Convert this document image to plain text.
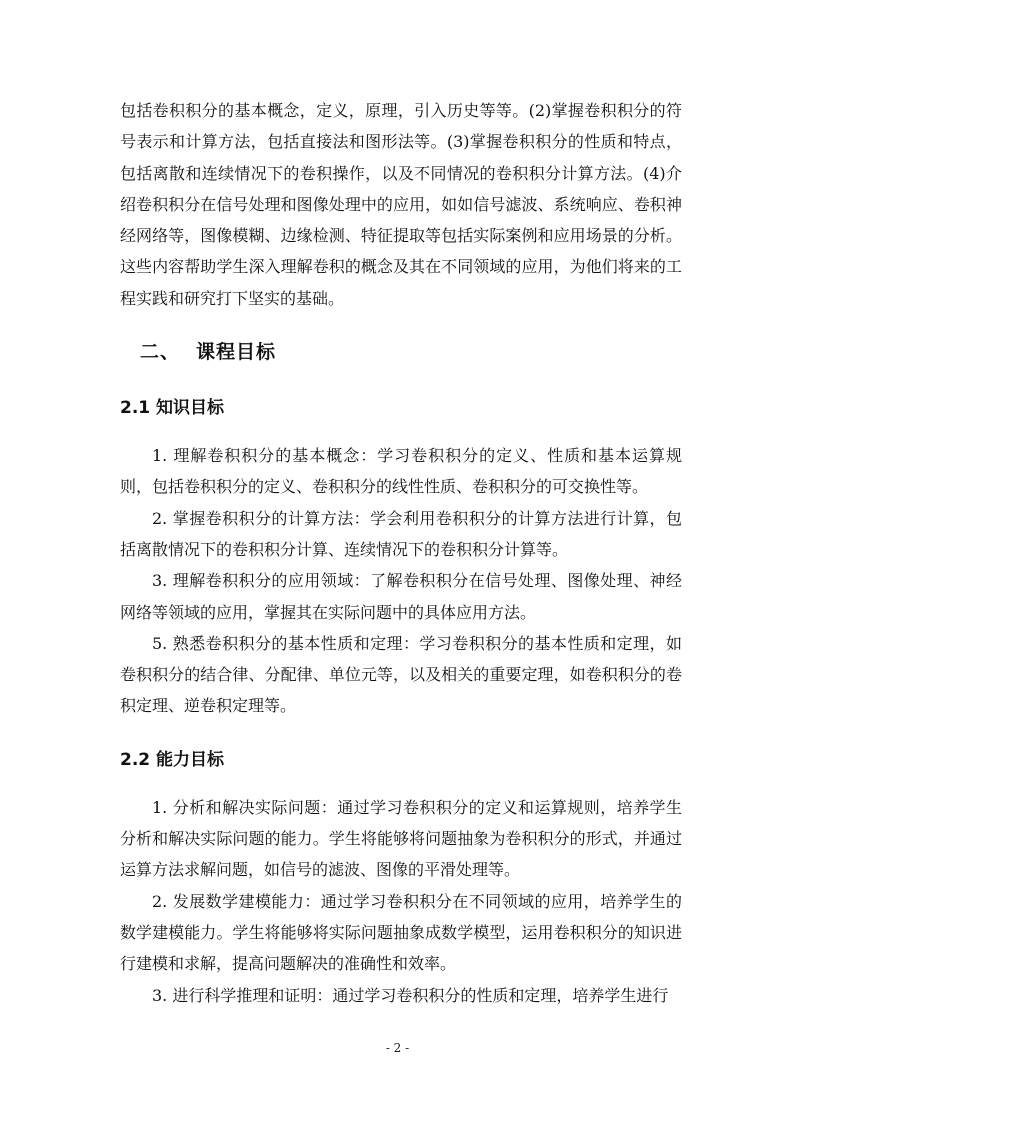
包括卷积积分的基本概念，定义，原理，引入历史等等。(2)掌握卷积积分的符号表示和计算方法，包括直接法和图形法等。(3)掌握卷积积分的性质和特点，包括离散和连续情况下的卷积操作，以及不同情况的卷积积分计算方法。(4)介绍卷积积分在信号处理和图像处理中的应用，如如信号滤波、系统响应、卷积神经网络等，图像模糊、边缘检测、特征提取等包括实际案例和应用场景的分析。这些内容帮助学生深入理解卷积的概念及其在不同领域的应用，为他们将来的工程实践和研究打下坚实的基础。

二、 课程目标
2.1 知识目标

1. 理解卷积积分的基本概念：学习卷积积分的定义、性质和基本运算规则，包括卷积积分的定义、卷积积分的线性性质、卷积积分的可交换性等。

2. 掌握卷积积分的计算方法：学会利用卷积积分的计算方法进行计算，包括离散情况下的卷积积分计算、连续情况下的卷积积分计算等。

3. 理解卷积积分的应用领域：了解卷积积分在信号处理、图像处理、神经网络等领域的应用，掌握其在实际问题中的具体应用方法。

5. 熟悉卷积积分的基本性质和定理：学习卷积积分的基本性质和定理，如卷积积分的结合律、分配律、单位元等，以及相关的重要定理，如卷积积分的卷积定理、逆卷积定理等。

2.2 能力目标

1. 分析和解决实际问题：通过学习卷积积分的定义和运算规则，培养学生分析和解决实际问题的能力。学生将能够将问题抽象为卷积积分的形式，并通过运算方法求解问题，如信号的滤波、图像的平滑处理等。

2. 发展数学建模能力：通过学习卷积积分在不同领域的应用，培养学生的数学建模能力。学生将能够将实际问题抽象成数学模型，运用卷积积分的知识进行建模和求解，提高问题解决的准确性和效率。

3. 进行科学推理和证明：通过学习卷积积分的性质和定理，培养学生进行

- 2 -
